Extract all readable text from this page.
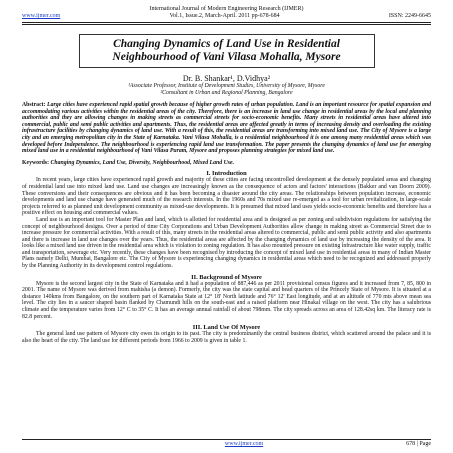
International Journal of Modern Engineering Research (IJMER)
www.ijmer.com	Vol.1, Issue.2, March-April. 2011 pp-678-684	ISSN: 2249-6645
Changing Dynamics of Land Use in Residential
Neighbourhood of Vani Vilasa Mohalla, Mysore
Dr. B. Shankar¹, D.Vidhya²
¹Associate Professor, Institute of Development Studies, University of Mysore, Mysore
²Consultant in Urban and Regional Planning, Bangalore

Abstract: Large cities have experienced rapid spatial growth because of higher growth rates of urban population. Land is an important resource for spatial expansion and accommodating various activities within the residential areas of the city. Therefore, there is an increase in land use change in residential areas by the local and planning authorities and they are allowing changes in making streets as commercial streets for socio-economic benefits. Many streets in residential areas have altered into commercial, public and semi public activities and apartments. Thus, the residential areas are affected greatly in terms of increasing density and overloading the existing infrastructure facilities by changing dynamics of land use. With a result of this, the residential areas are transforming into mixed land use. The City of Mysore is a large city and an emerging metropolitan city in the State of Karnataka. Vani Vilasa Mohalla, is a residential neighbourhood it is one among many residential areas which was developed before Independence. The neighbourhood is experiencing rapid land use transformation. The paper presents the changing dynamics of land use for emerging mixed land use in a residential neighbourhood of Vani Vilasa Puram, Mysore and proposes planning strategies for mixed land use.

Keywords: Changing Dynamics, Land Use, Diversity, Neighbourhood, Mixed Land Use.

I. Introduction

In recent years, large cities have experienced rapid growth and majority of these cities are facing uncontrolled development at the densely populated areas and changing of residential land use into mixed land use. Land use changes are increasingly known as the consequence of actors and factors' interactions (Bakker and van Doorn 2009). These conversions and their consequences are obvious and it has been becoming a disaster around the city areas. The relationships between population increase, economic developments and land use change have generated much of the research interests. In the 1960s and 70s mixed use re-emerged as a tool for urban revitalization, in large-scale projects referred to as planned unit development community as mixed-use developments. It is presumed that mixed land uses yields socio-economic benefits and therefore has a positive effect on housing and commercial values.

Land use is an important tool for Master Plan and land, which is allotted for residential area and is designed as per zoning and subdivision regulations for satisfying the concept of neighbourhood designs. Over a period of time City Corporations and Urban Development Authorities allow change in making street as Commercial Street due to increase pressure for commercial activities. With a result of this, many streets in the residential areas altered to commercial, public and semi public activity and also apartments and there is increase in land use changes over the years. Thus, the residential areas are affected by the changing dynamics of land use by increasing the density of the area. It looks like a mixed land use driven in the residential area which is violation to zoning regulation. It has also mounted pressure on existing infrastructure like water supply, traffic and transportation, sewerage etc. Very recently, these changes have been recognised by introducing the concept of mixed land use in residential areas in many of Indian Master Plans namely Delhi, Mumbai, Bangalore etc. The City of Mysore is experiencing changing dynamics in residential areas which need to be recognized and addressed properly by the Planning Authority in its development control regulations.

II. Background of Mysore

Mysore is the second largest city in the State of Karnataka and it had a population of 887,446 as per 2011 provisional census figures and it increased from 7, 85, 800 in 2001. The name of Mysore was derived from mahisha (a demon). Formerly, the city was the state capital and head quarters of the Princely State of Mysore. It is situated at a distance 140kms from Bangalore, on the southern part of Karnataka State at 12° 18' North latitude and 76° 12' East longitude, and at an altitude of 770 mts above mean sea level. The city lies in a saucer shaped basin flanked by Chamundi hills on the south-east and a raised platform near Hinakal village on the west. The city has a salubrious climate and the temperature varies from 12° C to 35° C. It has an average annual rainfall of about 798mm. The city spreads across an area of 128.42sq km. The literacy rate is 82.8 percent.

III. Land Use Of Mysore

The general land use pattern of Mysore city owes its origin to its past. The city is predominantly the central business district, which scattered around the palace and it is also the heart of the city. The land use for different periods from 1966 to 2009 is given in table 1.

www.ijmer.com	678 | Page
